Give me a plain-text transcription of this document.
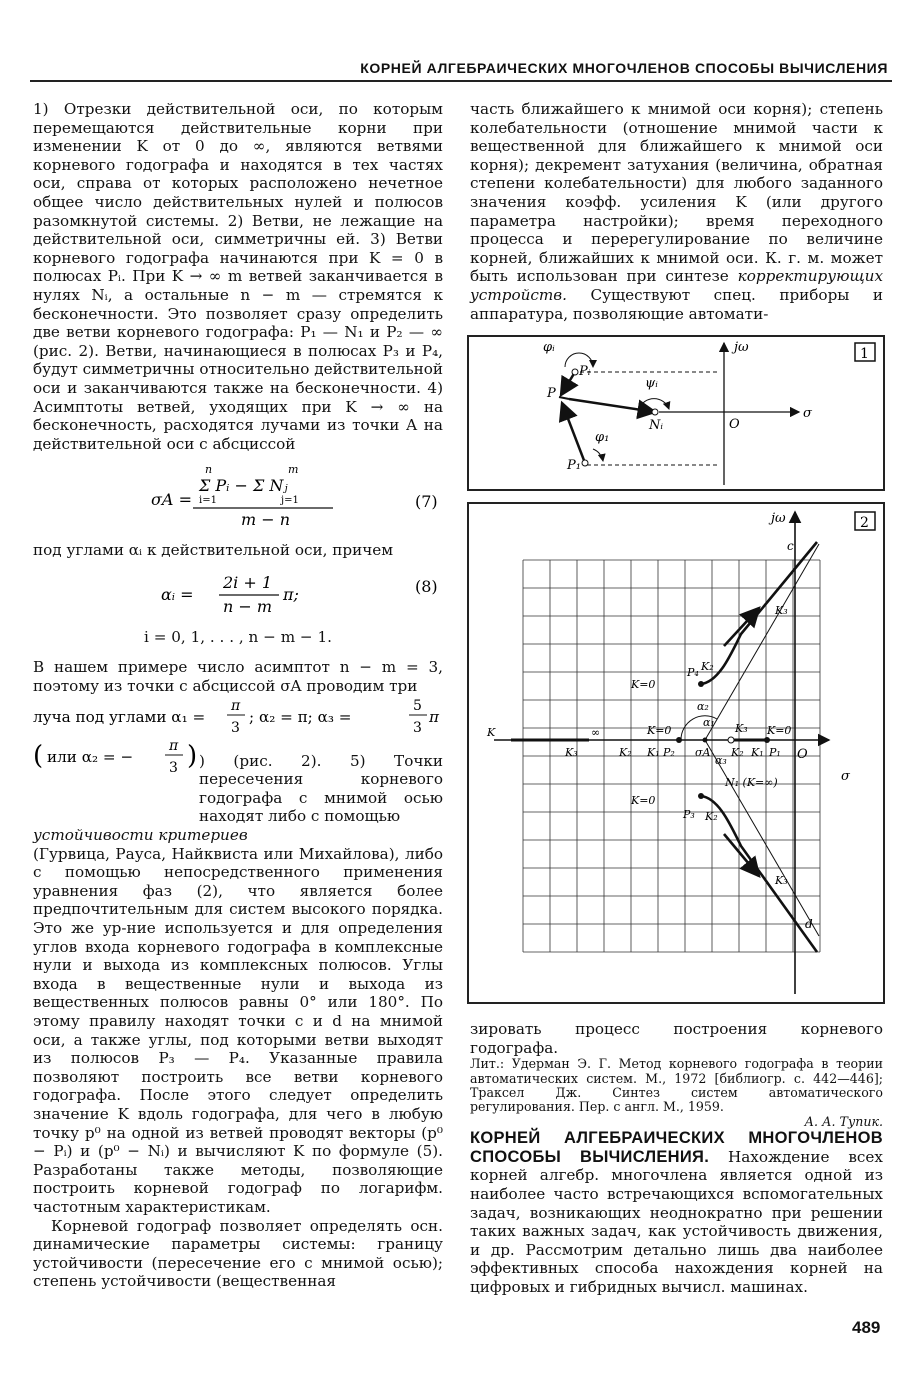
КОРНЕЙ АЛГЕБРАИЧЕСКИХ МНОГОЧЛЕНОВ СПОСОБЫ ВЫЧИСЛЕНИЯ

1) Отрезки действительной оси, по которым перемещаются действительные корни при изменении K от 0 до ∞, являются ветвями корневого годографа и находятся в тех частях оси, справа от которых расположено нечетное общее число действительных нулей и полюсов разомкнутой системы. 2) Ветви, не лежащие на действительной оси, симметричны ей. 3) Ветви корневого годографа начинаются при K = 0 в полюсах Pᵢ. При K → ∞ m ветвей заканчивается в нулях Nᵢ, а остальные n − m — стремятся к бесконечности. Это позволяет сразу определить две ветви корневого годографа: P₁ — N₁ и P₂ — ∞ (рис. 2). Ветви, начинающиеся в полюсах P₃ и P₄, будут симметричны относительно действительной оси и заканчиваются также на бесконечности. 4) Асимптоты ветвей, уходящих при K → ∞ на бесконечность, расходятся лучами из точки A на действительной оси с абсциссой

σA =
n	m
Σ Pᵢ − Σ Nⱼ
i=1	j=1
m − n
(7)

под углами αᵢ к действительной оси, причем

αᵢ =
2i + 1
n − m
π;	(8)

i = 0, 1, . . . , n − m − 1.

В нашем примере число асимптот n − m = 3, поэтому из точки с абсциссой σA проводим три

луча под углами α₁ =
π
3
; α₂ = π; α₃ =
5
3
π
( или α₂ = −
π
3 ) ) (рис. 2). 5) Точки пересечения корневого годографа с мнимой осью находят либо с помощью

устойчивости критериев

(Гурвица, Рауса, Найквиста или Михайлова), либо с помощью непосредственного применения уравнения фаз (2), что является более предпочтительным для систем высокого порядка. Это же ур-ние используется и для определения углов входа корневого годографа в комплексные нули и выхода из комплексных полюсов. Углы входа в вещественные нули и выхода из вещественных полюсов равны 0° или 180°. По этому правилу находят точки c и d на мнимой оси, а также углы, под которыми ветви выходят из полюсов P₃ — P₄. Указанные правила позволяют построить все ветви корневого годографа. После этого следует определить значение K вдоль годографа, для чего в любую точку p⁰ на одной из ветвей проводят векторы (p⁰ − Pᵢ) и (p⁰ − Nᵢ) и вычисляют K по формуле (5). Разработаны также методы, позволяющие построить корневой годограф по логарифм. частотным характеристикам.

Корневой годограф позволяет определять осн. динамические параметры системы: границу устойчивости (пересечение его с мнимой осью); степень устойчивости (вещественная

часть ближайшего к мнимой оси корня); степень колебательности (отношение мнимой части к вещественной для ближайшего к мнимой оси корня); декремент затухания (величина, обратная степени колебательности) для любого заданного значения коэфф. усиления K (или другого параметра настройки); время переходного процесса и перерегулирование по величине корней, ближайших к мнимой оси. К. г. м. может быть использован при синтезе корректирующих устройств. Существуют спец. приборы и аппаратура, позволяющие автомати-

1
jω
σ
O
φᵢ
Pᵢ
ψᵢ
P
Nᵢ
φ₁
P₁
2
σ
jω
O
K	∞
K₃	K₂ K₁ P₂
K=0
σA K₂ K₁ P₁
K=0
K₃
α₁
α₂
α₃
N₁ (K=∞)
K=0
P₄ K₂
K=0
P₃ K₂
c
d
K₃
K₃

зировать процесс построения корневого годографа.

Лит.: Удерман Э. Г. Метод корневого годографа в теории автоматических систем. М., 1972 [библиогр. с. 442—446]; Траксел Дж. Синтез систем автоматического регулирования. Пер. с англ. М., 1959.

А. А. Тупик.

КОРНЕЙ АЛГЕБРАИЧЕСКИХ МНОГОЧЛЕНОВ СПОСОБЫ ВЫЧИСЛЕНИЯ. Нахождение всех корней алгебр. многочлена является одной из наиболее часто встречающихся вспомогательных задач, возникающих неоднократно при решении таких важных задач, как устойчивость движения, и др. Рассмотрим детально лишь два наиболее эффективных способа нахождения корней на цифровых и гибридных вычисл. машинах.

489
